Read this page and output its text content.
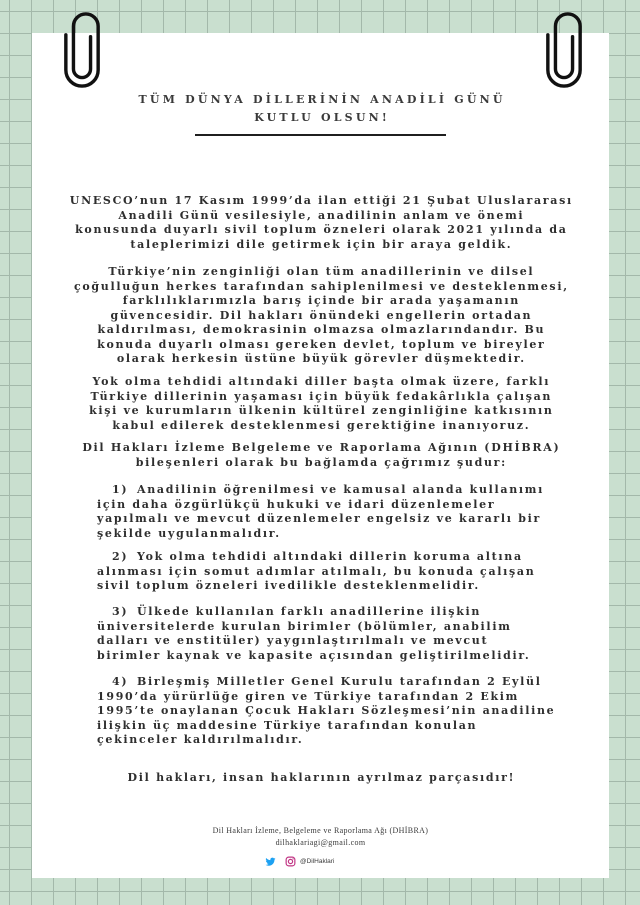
TÜM DÜNYA DİLLERİNİN ANADİLİ GÜNÜ
KUTLU OLSUN!
UNESCO’nun 17 Kasım 1999’da ilan ettiği 21 Şubat Uluslararası
Anadili Günü vesilesiyle, anadilinin anlam ve önemi
konusunda duyarlı sivil toplum özneleri olarak 2021 yılında da
taleplerimizi dile getirmek için bir araya geldik.
Türkiye’nin zenginliği olan tüm anadillerinin ve dilsel
çoğulluğun herkes tarafından sahiplenilmesi ve desteklenmesi,
farklılıklarımızla barış içinde bir arada yaşamanın
güvencesidir. Dil hakları önündeki engellerin ortadan
kaldırılması, demokrasinin olmazsa olmazlarındandır. Bu
konuda duyarlı olması gereken devlet, toplum ve bireyler
olarak herkesin üstüne büyük görevler düşmektedir.
Yok olma tehdidi altındaki diller başta olmak üzere, farklı
Türkiye dillerinin yaşaması için büyük fedakârlıkla çalışan
kişi ve kurumların ülkenin kültürel zenginliğine katkısının
kabul edilerek desteklenmesi gerektiğine inanıyoruz.
Dil Hakları İzleme Belgeleme ve Raporlama Ağının (DHİBRA)
bileşenleri olarak bu bağlamda çağrımız şudur:
1) Anadilinin öğrenilmesi ve kamusal alanda kullanımı
için daha özgürlükçü hukuki ve idari düzenlemeler
yapılmalı ve mevcut düzenlemeler engelsiz ve kararlı bir
şekilde uygulanmalıdır.
2) Yok olma tehdidi altındaki dillerin koruma altına
alınması için somut adımlar atılmalı, bu konuda çalışan
sivil toplum özneleri ivedilikle desteklenmelidir.
3) Ülkede kullanılan farklı anadillerine ilişkin
üniversitelerde kurulan birimler (bölümler, anabilim
dalları ve enstitüler) yaygınlaştırılmalı ve mevcut
birimler kaynak ve kapasite açısından geliştirilmelidir.
4) Birleşmiş Milletler Genel Kurulu tarafından 2 Eylül
1990’da yürürlüğe giren ve Türkiye tarafından 2 Ekim
1995’te onaylanan Çocuk Hakları Sözleşmesi’nin anadiline
ilişkin üç maddesine Türkiye tarafından konulan
çekinceler kaldırılmalıdır.
Dil hakları, insan haklarının ayrılmaz parçasıdır!
Dil Hakları İzleme, Belgeleme ve Raporlama Ağı (DHİBRA)
dilhaklariagi@gmail.com
@DilHaklari
